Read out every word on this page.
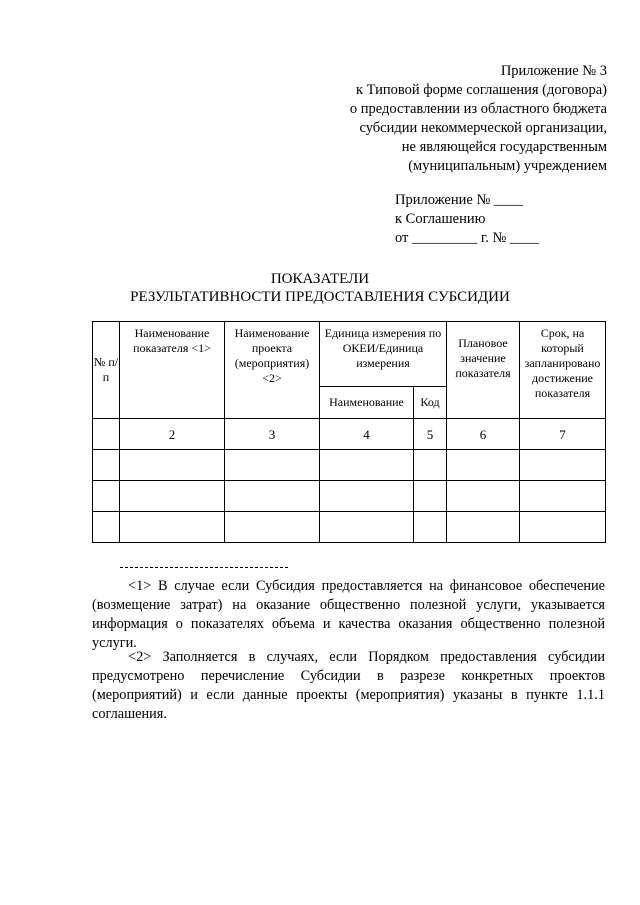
Приложение № 3
к Типовой форме соглашения (договора)
о предоставлении из областного бюджета
субсидии некоммерческой организации,
не являющейся государственным
(муниципальным) учреждением
Приложение № ____
к Соглашению
от _________ г. № ____
ПОКАЗАТЕЛИ
РЕЗУЛЬТАТИВНОСТИ ПРЕДОСТАВЛЕНИЯ СУБСИДИИ
№ п/п	Наименование показателя <1>	Наименование проекта (мероприятия) <2>	Единица измерения по ОКЕИ/Единица измерения		Плановое значение показателя	Срок, на который запланировано достижение показателя
			Наименование	Код		
	2	3	4	5	6	7

<1> В случае если Субсидия предоставляется на финансовое обеспечение (возмещение затрат) на оказание общественно полезной услуги, указывается информация о показателях объема и качества оказания общественно полезной услуги.

<2> Заполняется в случаях, если Порядком предоставления субсидии предусмотрено перечисление Субсидии в разрезе конкретных проектов (мероприятий) и если данные проекты (мероприятия) указаны в пункте 1.1.1 соглашения.
